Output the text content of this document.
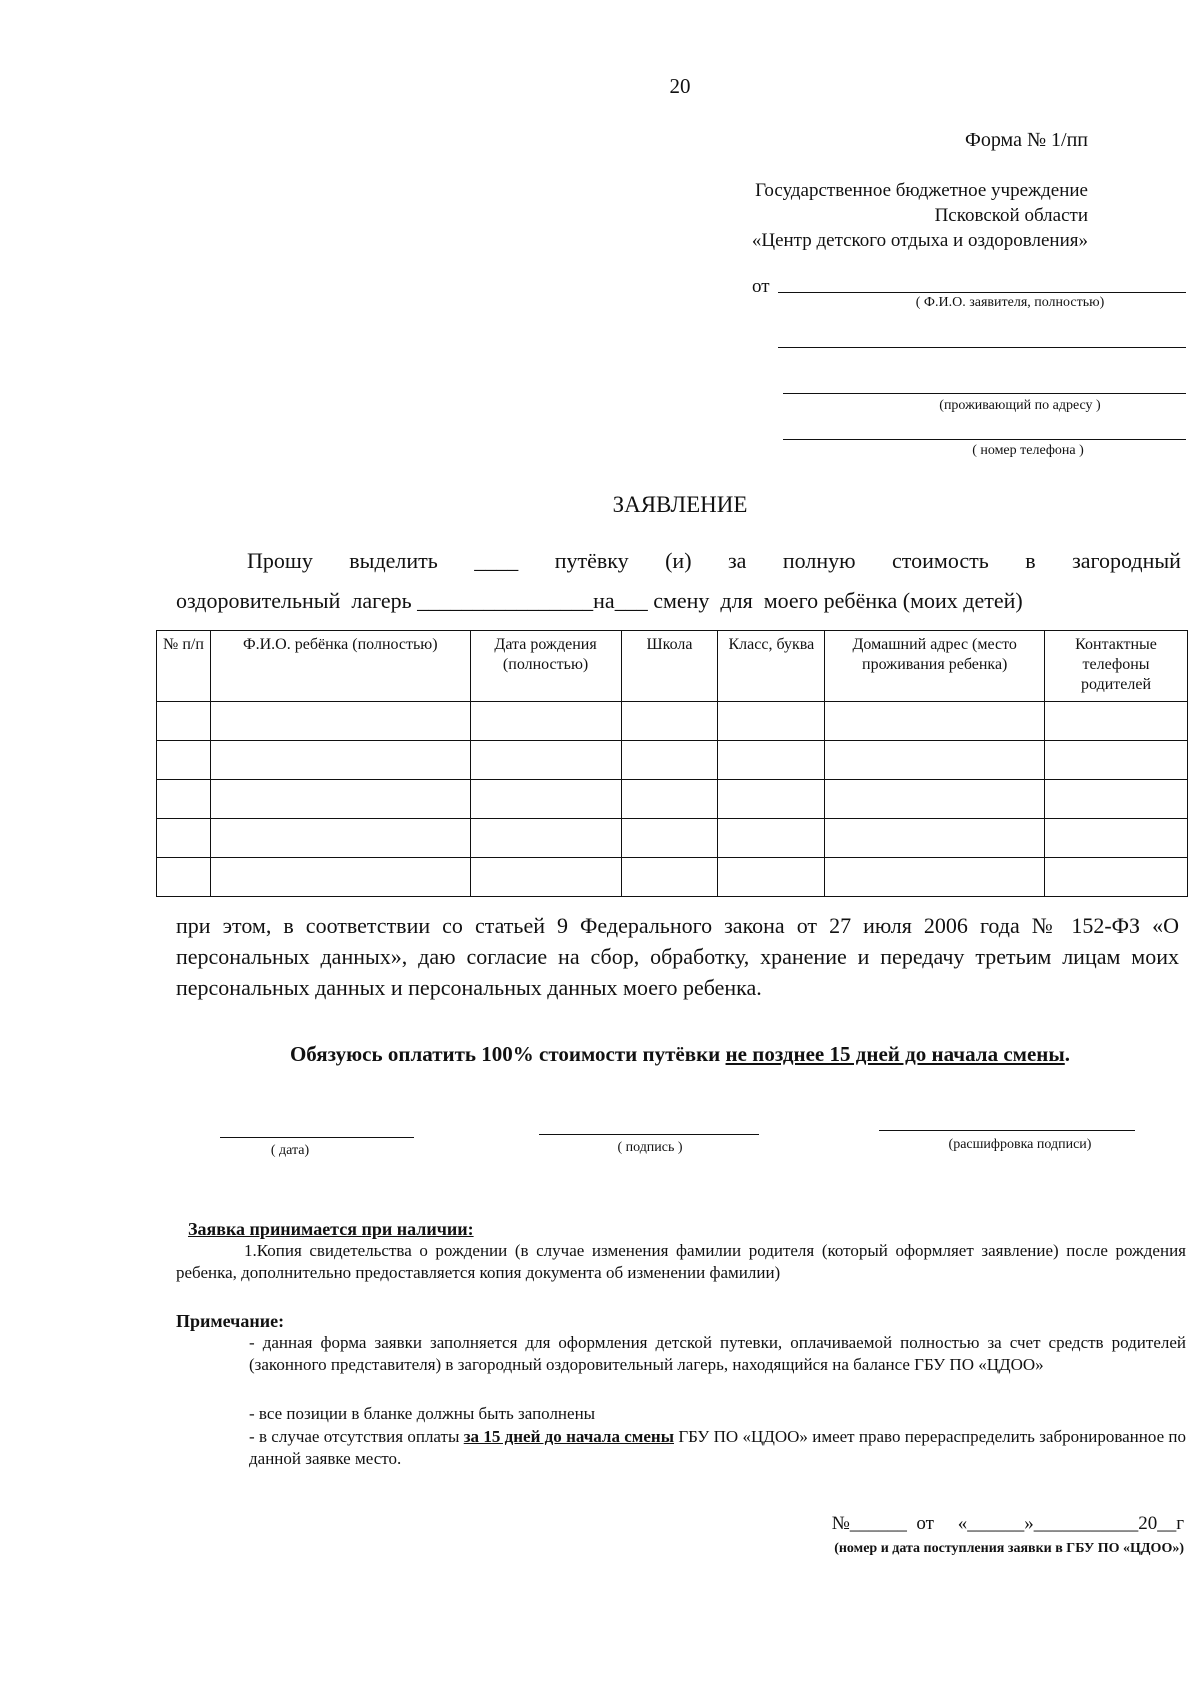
20
Форма № 1/пп
Государственное бюджетное учреждение
Псковской области
«Центр детского отдыха и оздоровления»
от
( Ф.И.О. заявителя, полностью)
(проживающий по адресу )
( номер телефона )
ЗАЯВЛЕНИЕ
Прошу выделить ____ путёвку (и) за полную стоимость в загородный
оздоровительный  лагерь ________________на___ смену  для  моего ребёнка (моих детей)
№ п/п	Ф.И.О. ребёнка (полностью)	Дата рождения (полностью)	Школа	Класс, буква	Домашний адрес (место проживания ребенка)	Контактные телефоны родителей

при этом, в соответствии со статьей 9 Федерального закона от 27 июля 2006 года № 152-ФЗ «О персональных данных», даю согласие на сбор, обработку, хранение и передачу третьим лицам моих персональных данных и персональных данных моего ребенка.
Обязуюсь оплатить 100% стоимости путёвки не позднее 15 дней до начала смены.
( дата)	( подпись )	(расшифровка подписи)
Заявка принимается при наличии:
1.Копия свидетельства о рождении (в случае изменения фамилии родителя (который оформляет заявление) после рождения ребенка, дополнительно предоставляется копия документа об изменении фамилии)
Примечание:
- данная форма заявки заполняется для оформления детской путевки, оплачиваемой полностью за счет средств родителей (законного представителя) в загородный оздоровительный лагерь, находящийся на балансе ГБУ ПО «ЦДОО»
- все позиции в бланке должны быть заполнены
- в случае отсутствия оплаты за 15 дней до начала смены ГБУ ПО «ЦДОО» имеет право перераспределить забронированное по данной заявке место.
№______  от     «______»___________20__г
(номер и дата поступления заявки в ГБУ ПО «ЦДОО»)
